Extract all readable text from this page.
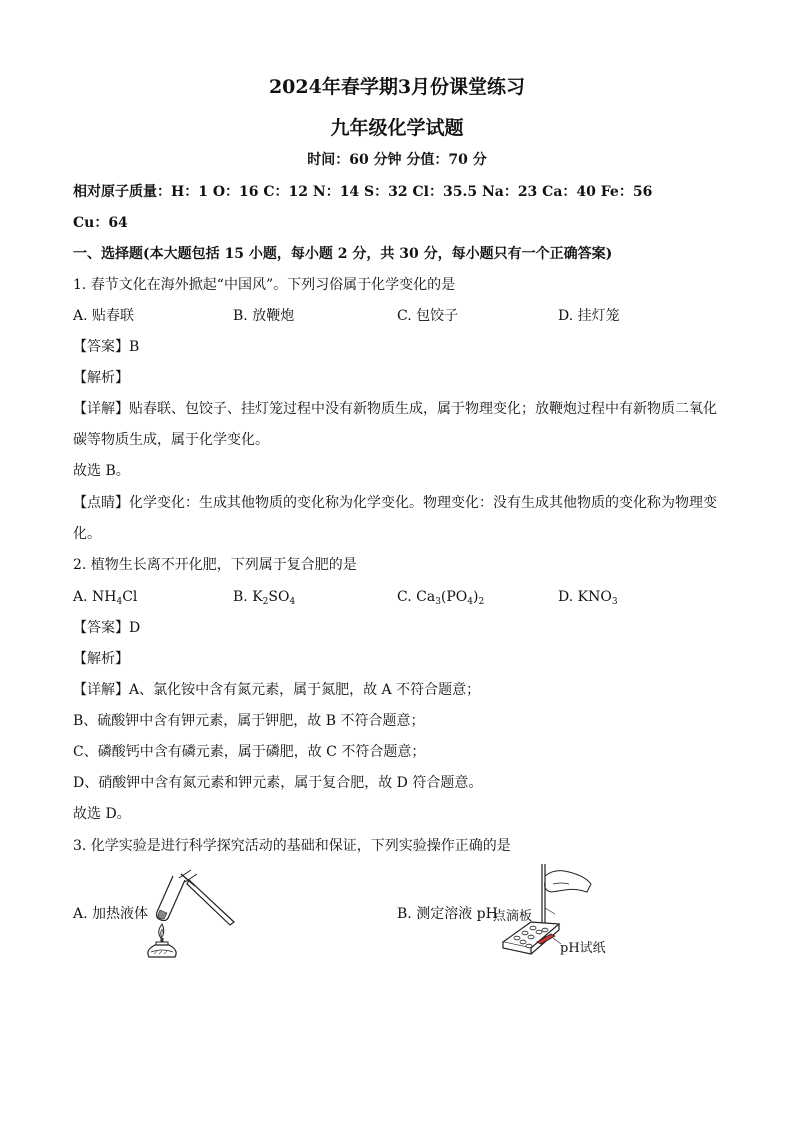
2024年春学期3月份课堂练习
九年级化学试题
时间：60 分钟 分值：70 分
相对原子质量：H：1 O：16 C：12 N：14 S：32 Cl：35.5 Na：23 Ca：40 Fe：56
Cu：64
一、选择题(本大题包括 15 小题，每小题 2 分，共 30 分，每小题只有一个正确答案)
1. 春节文化在海外掀起“中国风”。下列习俗属于化学变化的是
A. 贴春联	B. 放鞭炮	C. 包饺子	D. 挂灯笼
【答案】B
【解析】
【详解】贴春联、包饺子、挂灯笼过程中没有新物质生成，属于物理变化；放鞭炮过程中有新物质二氧化
碳等物质生成，属于化学变化。
故选 B。
【点睛】化学变化：生成其他物质的变化称为化学变化。物理变化：没有生成其他物质的变化称为物理变
化。
2. 植物生长离不开化肥，下列属于复合肥的是
A. $NH_4Cl$	B. $K_2SO_4$	C. $Ca_3(PO_4)_2$	D. $KNO_3$
【答案】D
【解析】
【详解】A、氯化铵中含有氮元素，属于氮肥，故 A 不符合题意；
B、硫酸钾中含有钾元素，属于钾肥，故 B 不符合题意；
C、磷酸钙中含有磷元素，属于磷肥，故 C 不符合题意；
D、硝酸钾中含有氮元素和钾元素，属于复合肥，故 D 符合题意。
故选 D。
3. 化学实验是进行科学探究活动的基础和保证，下列实验操作正确的是
A. 加热液体	B. 测定溶液 pH
点滴板
pH试纸
